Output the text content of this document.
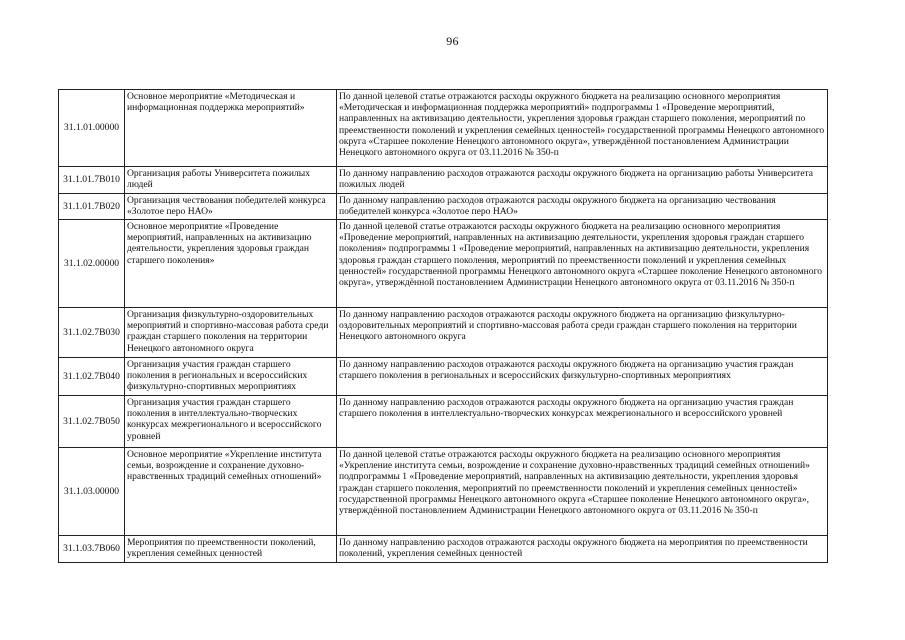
96
31.1.01.00000	Основное мероприятие «Методическая и информационная поддержка мероприятий»	По данной целевой статье отражаются расходы окружного бюджета на реализацию основного мероприятия «Методическая и информационная поддержка мероприятий» подпрограммы 1 «Проведение мероприятий, направленных на активизацию деятельности, укрепления здоровья граждан старшего поколения, мероприятий по преемственности поколений и укрепления семейных ценностей» государственной программы Ненецкого автономного округа «Старшее поколение Ненецкого автономного округа», утверждённой постановлением Администрации Ненецкого автономного округа от 03.11.2016 № 350-п
31.1.01.7В010	Организация работы Университета пожилых людей	По данному направлению расходов отражаются расходы окружного бюджета на организацию работы Университета пожилых людей
31.1.01.7В020	Организация чествования победителей конкурса «Золотое перо НАО»	По данному направлению расходов отражаются расходы окружного бюджета на организацию чествования победителей конкурса «Золотое перо НАО»
31.1.02.00000	Основное мероприятие «Проведение мероприятий, направленных на активизацию деятельности, укрепления здоровья граждан старшего поколения»	По данной целевой статье отражаются расходы окружного бюджета на реализацию основного мероприятия «Проведение мероприятий, направленных на активизацию деятельности, укрепления здоровья граждан старшего поколения» подпрограммы 1 «Проведение мероприятий, направленных на активизацию деятельности, укрепления здоровья граждан старшего поколения, мероприятий по преемственности поколений и укрепления семейных ценностей» государственной программы Ненецкого автономного округа «Старшее поколение Ненецкого автономного округа», утверждённой постановлением Администрации Ненецкого автономного округа от 03.11.2016 № 350-п
31.1.02.7В030	Организация физкультурно-оздоровительных мероприятий и спортивно-массовая работа среди граждан старшего поколения на территории Ненецкого автономного округа	По данному направлению расходов отражаются расходы окружного бюджета на организацию физкультурно-оздоровительных мероприятий и спортивно-массовая работа среди граждан старшего поколения на территории Ненецкого автономного округа
31.1.02.7В040	Организация участия граждан старшего поколения в региональных и всероссийских физкультурно-спортивных мероприятиях	По данному направлению расходов отражаются расходы окружного бюджета на организацию участия граждан старшего поколения в региональных и всероссийских физкультурно-спортивных мероприятиях
31.1.02.7В050	Организация участия граждан старшего поколения в интеллектуально-творческих конкурсах межрегионального и всероссийского уровней	По данному направлению расходов отражаются расходы окружного бюджета на организацию участия граждан старшего поколения в интеллектуально-творческих конкурсах межрегионального и всероссийского уровней
31.1.03.00000	Основное мероприятие «Укрепление института семьи, возрождение и сохранение духовно-нравственных традиций семейных отношений»	По данной целевой статье отражаются расходы окружного бюджета на реализацию основного мероприятия «Укрепление института семьи, возрождение и сохранение духовно-нравственных традиций семейных отношений» подпрограммы 1 «Проведение мероприятий, направленных на активизацию деятельности, укрепления здоровья граждан старшего поколения, мероприятий по преемственности поколений и укрепления семейных ценностей» государственной программы Ненецкого автономного округа «Старшее поколение Ненецкого автономного округа», утверждённой постановлением Администрации Ненецкого автономного округа от 03.11.2016 № 350-п
31.1.03.7В060	Мероприятия по преемственности поколений, укрепления семейных ценностей	По данному направлению расходов отражаются расходы окружного бюджета на мероприятия по преемственности поколений, укрепления семейных ценностей
